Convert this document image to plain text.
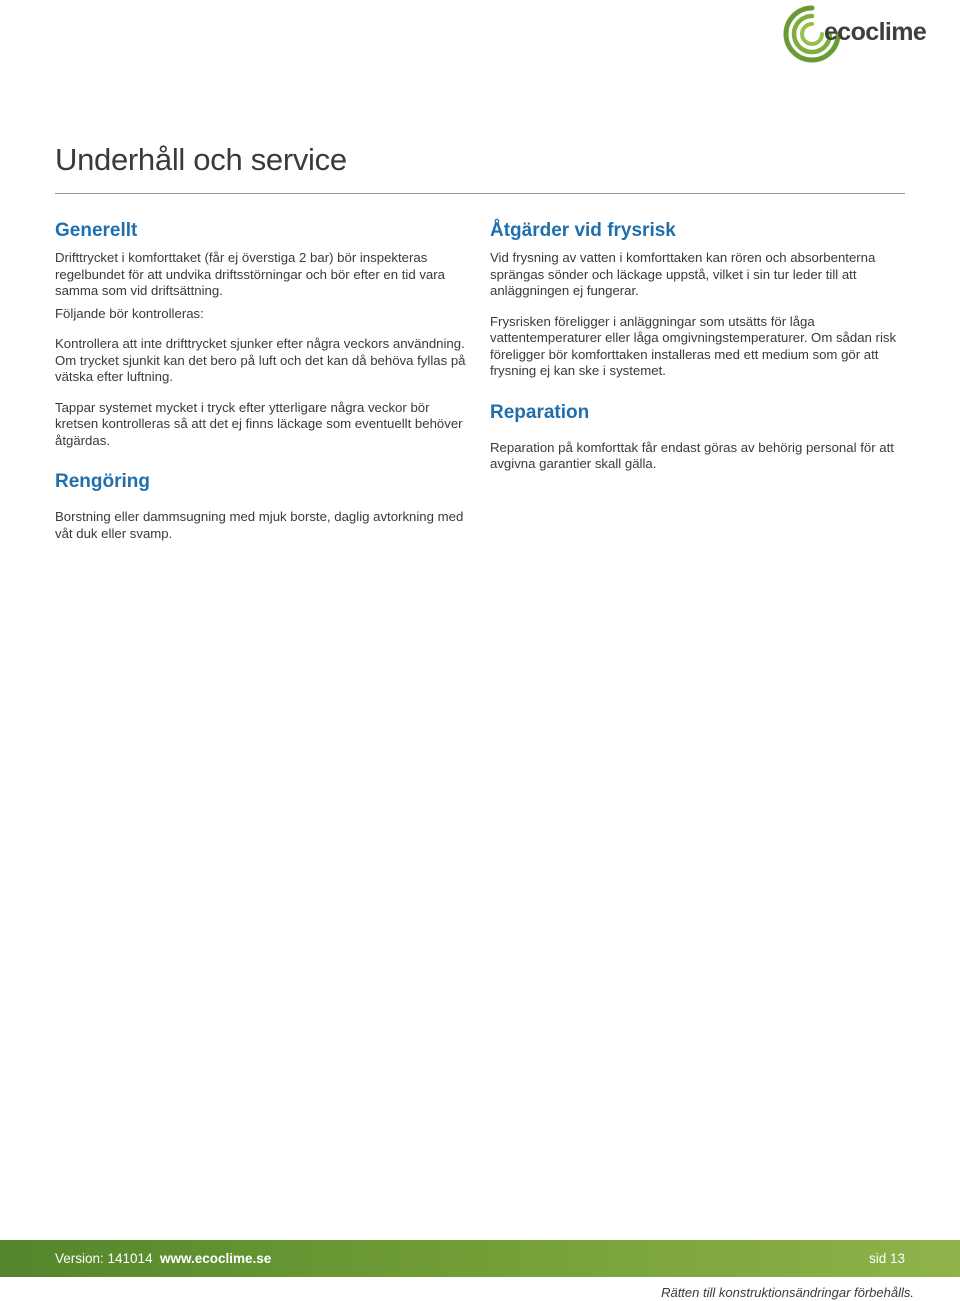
ecoclime
Underhåll och service
Generellt

Drifttrycket i komforttaket (får ej överstiga 2 bar) bör inspekteras regelbundet för att undvika driftsstörningar och bör efter en tid vara samma som vid driftsättning.

Följande bör kontrolleras:

Kontrollera att inte drifttrycket sjunker efter några veckors användning. Om trycket sjunkit kan det bero på luft och det kan då behöva fyllas på vätska efter luftning.

Tappar systemet mycket i tryck efter ytterligare några veckor bör kretsen kontrolleras så att det ej finns läckage som eventuellt behöver åtgärdas.

Rengöring

Borstning eller dammsugning med mjuk borste, daglig avtorkning med våt duk eller svamp.

Åtgärder vid frysrisk

Vid frysning av vatten i komforttaken kan rören och absorbenterna sprängas sönder och läckage uppstå, vilket i sin tur leder till att anläggningen ej fungerar.

Frysrisken föreligger i anläggningar som utsätts för låga vattentemperaturer eller låga omgivningstemperaturer. Om sådan risk föreligger bör komforttaken installeras med ett medium som gör att frysning ej kan ske i systemet.

Reparation

Reparation på komforttak får endast göras av behörig personal för att avgivna garantier skall gälla.

Version: 141014 www.ecoclime.se	sid 13
Rätten till konstruktionsändringar förbehålls.
